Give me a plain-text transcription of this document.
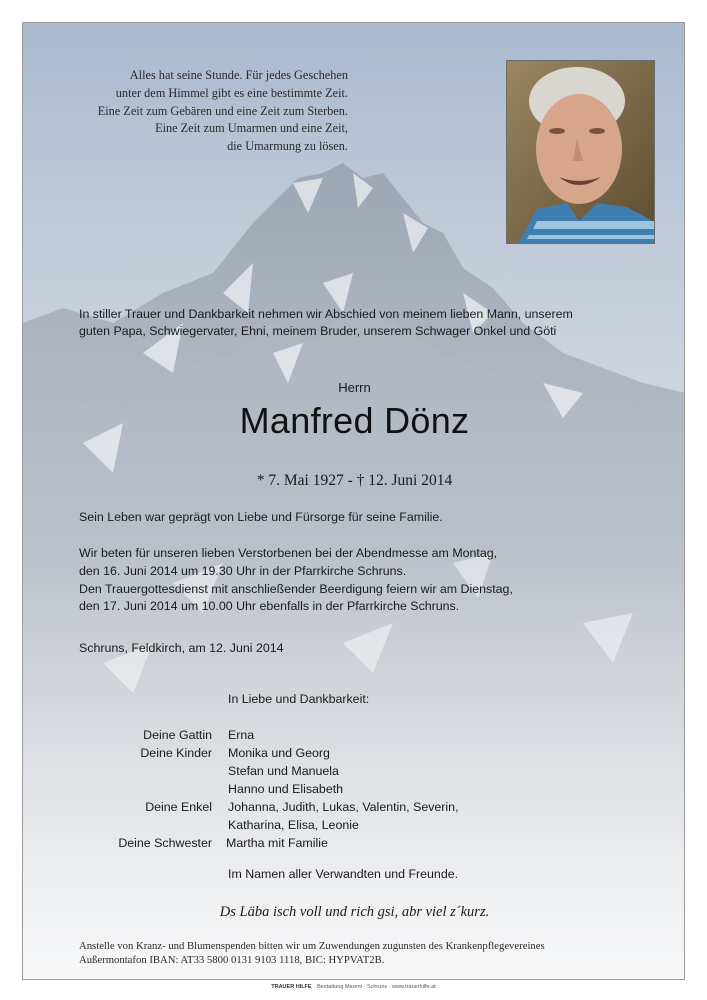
Alles hat seine Stunde. Für jedes Geschehen
unter dem Himmel gibt es eine bestimmte Zeit.
Eine Zeit zum Gebären und eine Zeit zum Sterben.
Eine Zeit zum Umarmen und eine Zeit,
die Umarmung zu lösen.
In stiller Trauer und Dankbarkeit nehmen wir Abschied von meinem lieben Mann, unserem
guten Papa, Schwiegervater, Ehni, meinem Bruder, unserem Schwager Onkel und Göti
Herrn
Manfred Dönz
* 7. Mai 1927 - † 12. Juni 2014
Sein Leben war geprägt von Liebe und Fürsorge für seine Familie.
Wir beten für unseren lieben Verstorbenen bei der Abendmesse am Montag,
den 16. Juni 2014 um 19.30 Uhr in der Pfarrkirche Schruns.
Den Trauergottesdienst mit anschließender Beerdigung feiern wir am Dienstag,
den 17. Juni 2014 um 10.00 Uhr ebenfalls in der Pfarrkirche Schruns.
Schruns, Feldkirch, am 12. Juni 2014
In Liebe und Dankbarkeit:
Deine Gattin Erna
Deine Kinder Monika und Georg
Stefan und Manuela
Hanno und Elisabeth
Deine Enkel Johanna, Judith, Lukas, Valentin, Severin,
Katharina, Elisa, Leonie
Deine Schwester Martha mit Familie
Im Namen aller Verwandten und Freunde.
Ds Läba isch voll und rich gsi, abr viel z´kurz.
Anstelle von Kranz- und Blumenspenden bitten wir um Zuwendungen zugunsten des Krankenpflegevereines
Außermontafon IBAN: AT33 5800 0131 9103 1118, BIC: HYPVAT2B.
TRAUER HILFE Bestattung Marent · Schruns · www.trauerhilfe.at
